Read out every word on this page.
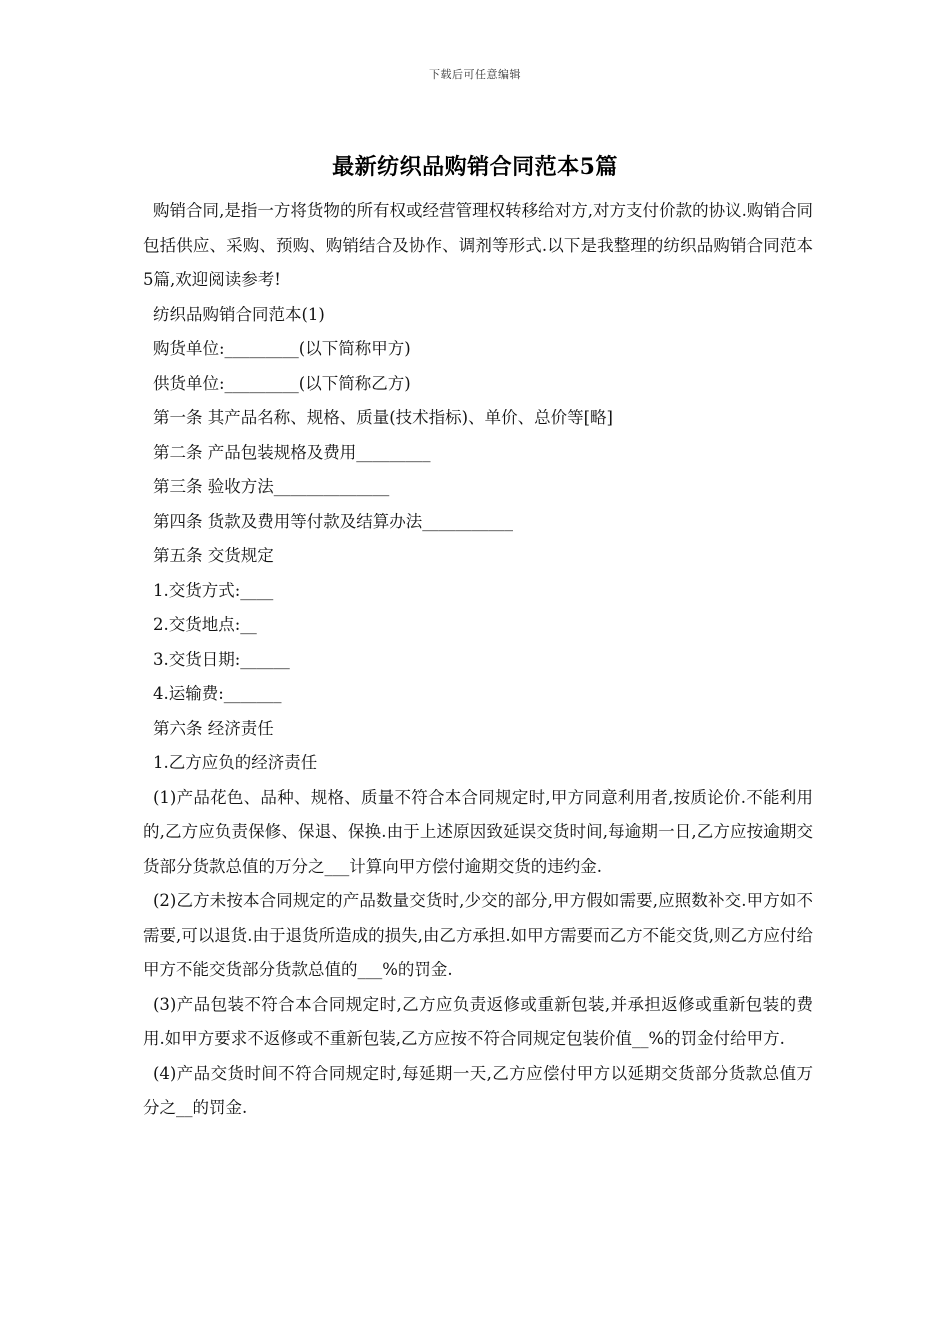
下载后可任意编辑
最新纺织品购销合同范本5篇

购销合同,是指一方将货物的所有权或经营管理权转移给对方,对方支付价款的协议.购销合同包括供应、采购、预购、购销结合及协作、调剂等形式.以下是我整理的纺织品购销合同范本5篇,欢迎阅读参考!

纺织品购销合同范本(1)

购货单位:_________(以下简称甲方)

供货单位:_________(以下简称乙方)

第一条 其产品名称、规格、质量(技术指标)、单价、总价等[略]

第二条 产品包装规格及费用_________

第三条 验收方法______________

第四条 货款及费用等付款及结算办法___________

第五条 交货规定

1.交货方式:____

2.交货地点:__

3.交货日期:______

4.运输费:_______

第六条 经济责任

1.乙方应负的经济责任

(1)产品花色、品种、规格、质量不符合本合同规定时,甲方同意利用者,按质论价.不能利用的,乙方应负责保修、保退、保换.由于上述原因致延误交货时间,每逾期一日,乙方应按逾期交货部分货款总值的万分之___计算向甲方偿付逾期交货的违约金.

(2)乙方未按本合同规定的产品数量交货时,少交的部分,甲方假如需要,应照数补交.甲方如不需要,可以退货.由于退货所造成的损失,由乙方承担.如甲方需要而乙方不能交货,则乙方应付给甲方不能交货部分货款总值的___%的罚金.

(3)产品包装不符合本合同规定时,乙方应负责返修或重新包装,并承担返修或重新包装的费用.如甲方要求不返修或不重新包装,乙方应按不符合同规定包装价值__%的罚金付给甲方.

(4)产品交货时间不符合同规定时,每延期一天,乙方应偿付甲方以延期交货部分货款总值万分之__的罚金.
